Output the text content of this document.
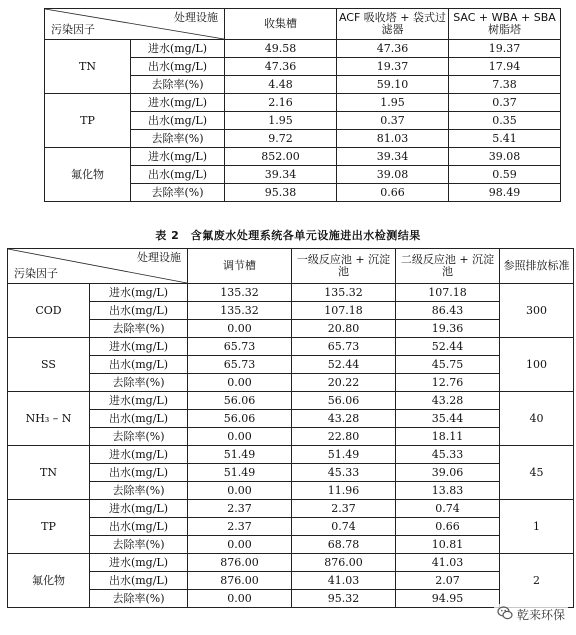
处理设施
污染因子		收集槽	ACF 吸收塔 + 袋式过滤器	SAC + WBA + SBA 树脂塔
TN	进水(mg/L)	49.58	47.36	19.37
	出水(mg/L)	47.36	19.37	17.94
	去除率(%)	4.48	59.10	7.38
TP	进水(mg/L)	2.16	1.95	0.37
	出水(mg/L)	1.95	0.37	0.35
	去除率(%)	9.72	81.03	5.41
氟化物	进水(mg/L)	852.00	39.34	39.08
	出水(mg/L)	39.34	39.08	0.59
	去除率(%)	95.38	0.66	98.49
表 2　含氟废水处理系统各单元设施进出水检测结果
处理设施
污染因子		调节槽	一级反应池 + 沉淀池	二级反应池 + 沉淀池	参照排放标准
COD	进水(mg/L)	135.32	135.32	107.18	300
	出水(mg/L)	135.32	107.18	86.43	
	去除率(%)	0.00	20.80	19.36	
SS	进水(mg/L)	65.73	65.73	52.44	100
	出水(mg/L)	65.73	52.44	45.75	
	去除率(%)	0.00	20.22	12.76	
NH₃ – N	进水(mg/L)	56.06	56.06	43.28	40
	出水(mg/L)	56.06	43.28	35.44	
	去除率(%)	0.00	22.80	18.11	
TN	进水(mg/L)	51.49	51.49	45.33	45
	出水(mg/L)	51.49	45.33	39.06	
	去除率(%)	0.00	11.96	13.83	
TP	进水(mg/L)	2.37	2.37	0.74	1
	出水(mg/L)	2.37	0.74	0.66	
	去除率(%)	0.00	68.78	10.81	
氟化物	进水(mg/L)	876.00	876.00	41.03	2
	出水(mg/L)	876.00	41.03	2.07	
	去除率(%)	0.00	95.32	94.95	
乾来环保
